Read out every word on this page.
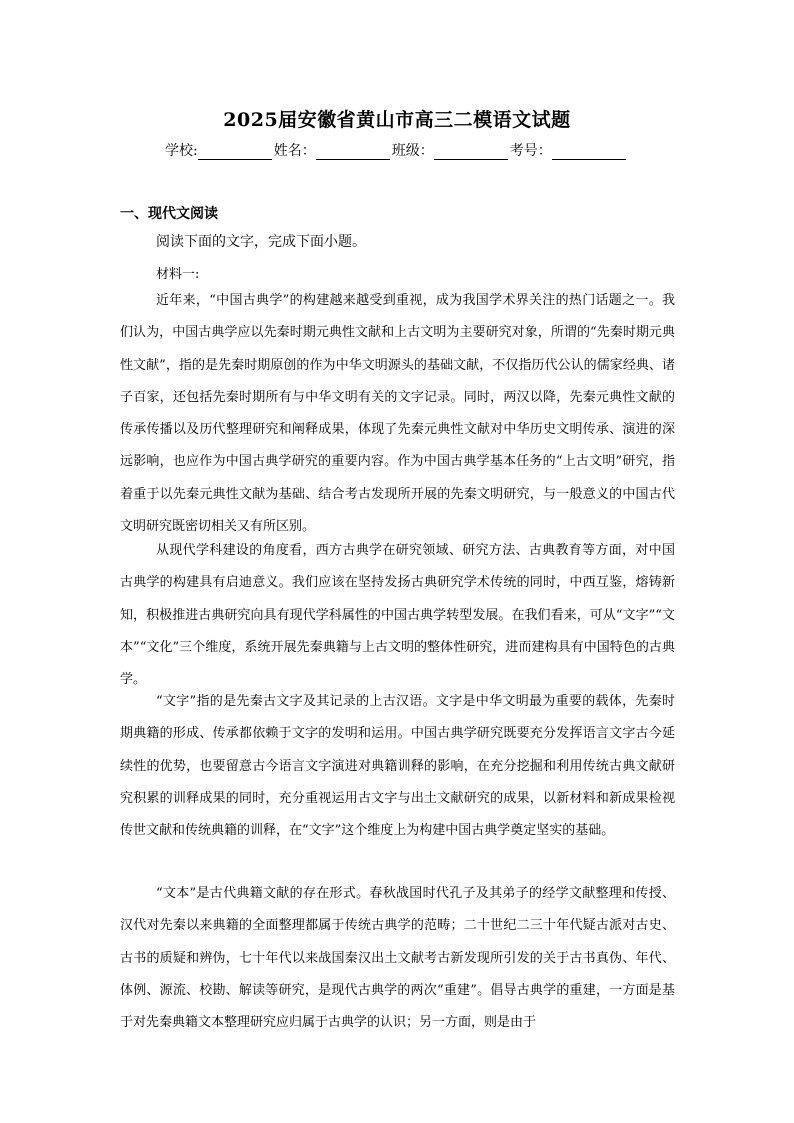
2025届安徽省黄山市高三二模语文试题
学校:	姓名：	班级：	考号：
一、现代文阅读
阅读下面的文字，完成下面小题。
材料一:

近年来，“中国古典学”的构建越来越受到重视，成为我国学术界关注的热门话题之一。我们认为，中国古典学应以先秦时期元典性文献和上古文明为主要研究对象，所谓的“先秦时期元典性文献”，指的是先秦时期原创的作为中华文明源头的基础文献，不仅指历代公认的儒家经典、诸子百家，还包括先秦时期所有与中华文明有关的文字记录。同时，两汉以降，先秦元典性文献的传承传播以及历代整理研究和阐释成果，体现了先秦元典性文献对中华历史文明传承、演进的深远影响，也应作为中国古典学研究的重要内容。作为中国古典学基本任务的“上古文明”研究，指着重于以先秦元典性文献为基础、结合考古发现所开展的先秦文明研究，与一般意义的中国古代文明研究既密切相关又有所区别。

从现代学科建设的角度看，西方古典学在研究领域、研究方法、古典教育等方面，对中国古典学的构建具有启迪意义。我们应该在坚持发扬古典研究学术传统的同时，中西互鉴，熔铸新知，积极推进古典研究向具有现代学科属性的中国古典学转型发展。在我们看来，可从“文字”“文本”“文化”三个维度，系统开展先秦典籍与上古文明的整体性研究，进而建构具有中国特色的古典学。

“文字”指的是先秦古文字及其记录的上古汉语。文字是中华文明最为重要的载体，先秦时期典籍的形成、传承都依赖于文字的发明和运用。中国古典学研究既要充分发挥语言文字古今延续性的优势，也要留意古今语言文字演进对典籍训释的影响，在充分挖掘和利用传统古典文献研究积累的训释成果的同时，充分重视运用古文字与出土文献研究的成果，以新材料和新成果检视传世文献和传统典籍的训释，在“文字”这个维度上为构建中国古典学奠定坚实的基础。

“文本”是古代典籍文献的存在形式。春秋战国时代孔子及其弟子的经学文献整理和传授、汉代对先秦以来典籍的全面整理都属于传统古典学的范畴；二十世纪二三十年代疑古派对古史、古书的质疑和辨伪，七十年代以来战国秦汉出土文献考古新发现所引发的关于古书真伪、年代、体例、源流、校勘、解读等研究，是现代古典学的两次“重建”。倡导古典学的重建，一方面是基于对先秦典籍文本整理研究应归属于古典学的认识；另一方面，则是由于
